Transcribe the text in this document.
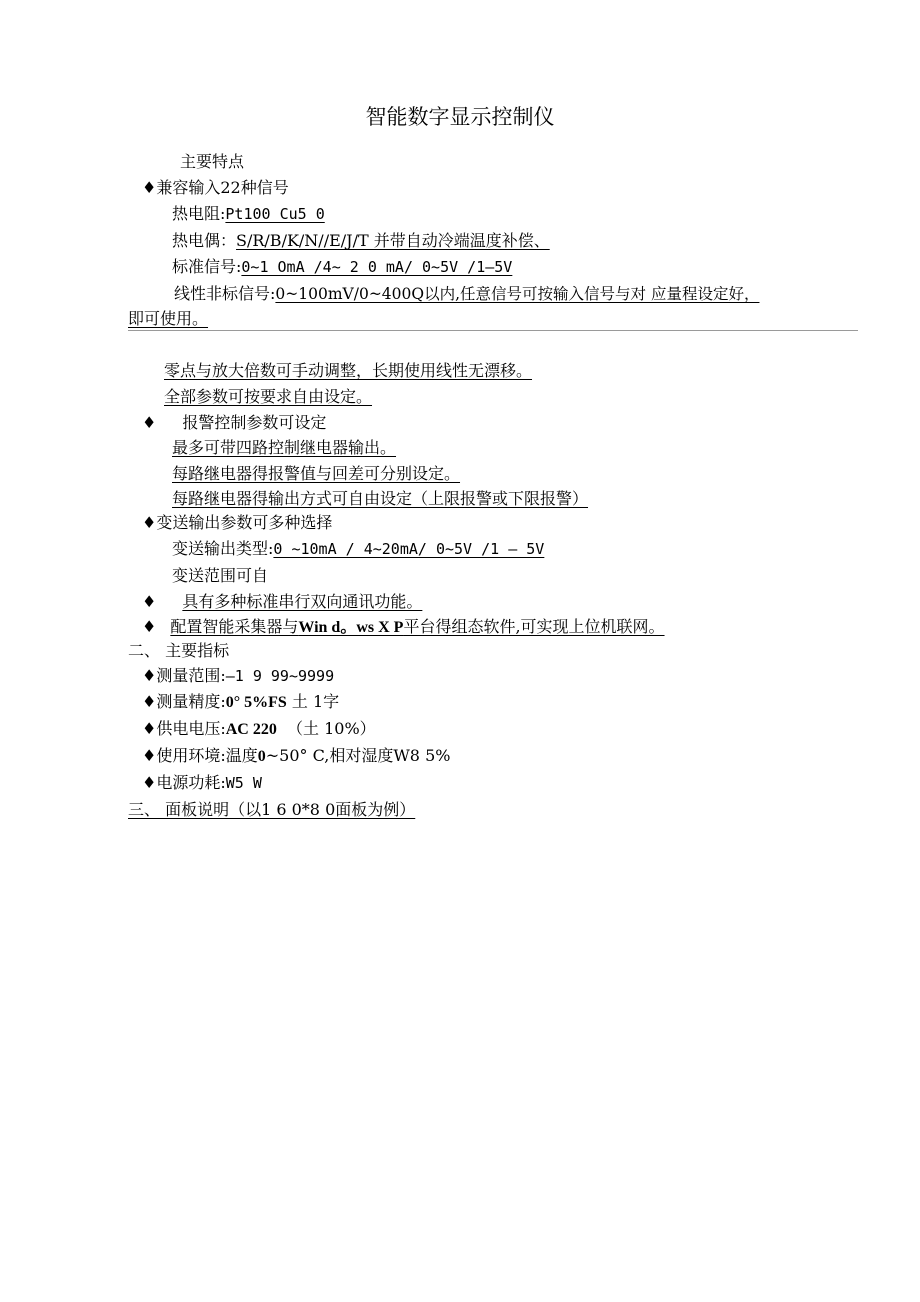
智能数字显示控制仪
主要特点
♦兼容输入22种信号
热电阻:Pt100 Cu5 0
热电偶：S/R/B/K/N//E/J/T 并带自动冷端温度补偿、
标准信号:0~1 OmA /4~ 2 0 mA/ 0~5V /1—5V
线性非标信号:0~100mV/0~400Q以内,任意信号可按输入信号与对 应量程设定好，
即可使用。
零点与放大倍数可手动调整，长期使用线性无漂移。
全部参数可按要求自由设定。
♦ 报警控制参数可设定
最多可带四路控制继电器输出。
每路继电器得报警值与回差可分别设定。
每路继电器得输出方式可自由设定（上限报警或下限报警）
♦变送输出参数可多种选择
变送输出类型:0 ~10mA / 4~20mA/ 0~5V /1 — 5V
变送范围可自
♦ 具有多种标准串行双向通讯功能。
♦ 配置智能采集器与Win d。ws X P平台得组态软件,可实现上位机联网。
二、 主要指标
♦测量范围:—1 9 99~9999
♦测量精度:0° 5%FS 土 1字
♦供电电压:AC 220  （土 10%）
♦使用环境:温度0~50° C,相对湿度W8 5%
♦电源功耗:W5 W
三、 面板说明（以1 6 0*8 0面板为例）
